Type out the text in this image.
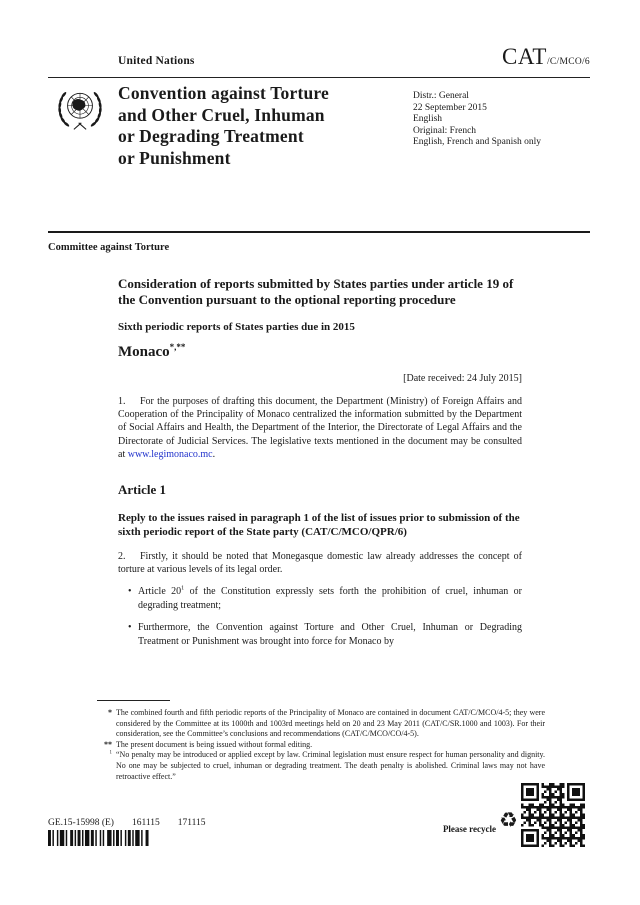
United Nations	CAT/C/MCO/6
Convention against Torture
and Other Cruel, Inhuman
or Degrading Treatment
or Punishment
Distr.: General
22 September 2015
English
Original: French
English, French and Spanish only
Committee against Torture
Consideration of reports submitted by States parties under article 19 of the Convention pursuant to the optional reporting procedure
Sixth periodic reports of States parties due in 2015
Monaco*,**
[Date received: 24 July 2015]

1. For the purposes of drafting this document, the Department (Ministry) of Foreign Affairs and Cooperation of the Principality of Monaco centralized the information submitted by the Department of Social Affairs and Health, the Department of the Interior, the Directorate of Legal Affairs and the Directorate of Judicial Services. The legislative texts mentioned in the document may be consulted at www.legimonaco.mc.

Article 1
Reply to the issues raised in paragraph 1 of the list of issues prior to submission of the sixth periodic report of the State party (CAT/C/MCO/QPR/6)

2. Firstly, it should be noted that Monegasque domestic law already addresses the concept of torture at various levels of its legal order.

• Article $20^1$ of the Constitution expressly sets forth the prohibition of cruel, inhuman or degrading treatment;
• Furthermore, the Convention against Torture and Other Cruel, Inhuman or Degrading Treatment or Punishment was brought into force for Monaco by
* The combined fourth and fifth periodic reports of the Principality of Monaco are contained in document CAT/C/MCO/4-5; they were considered by the Committee at its 1000th and 1003rd meetings held on 20 and 23 May 2011 (CAT/C/SR.1000 and 1003). For their consideration, see the Committee’s conclusions and recommendations (CAT/C/MCO/CO/4-5).
** The present document is being issued without formal editing.
$^1$ “No penalty may be introduced or applied except by law. Criminal legislation must ensure respect for human personality and dignity. No one may be subjected to cruel, inhuman or degrading treatment. The death penalty is abolished. Criminal laws may not have retroactive effect.”
GE.15-15998 (E) 161115 171115
Please recycle ♻
